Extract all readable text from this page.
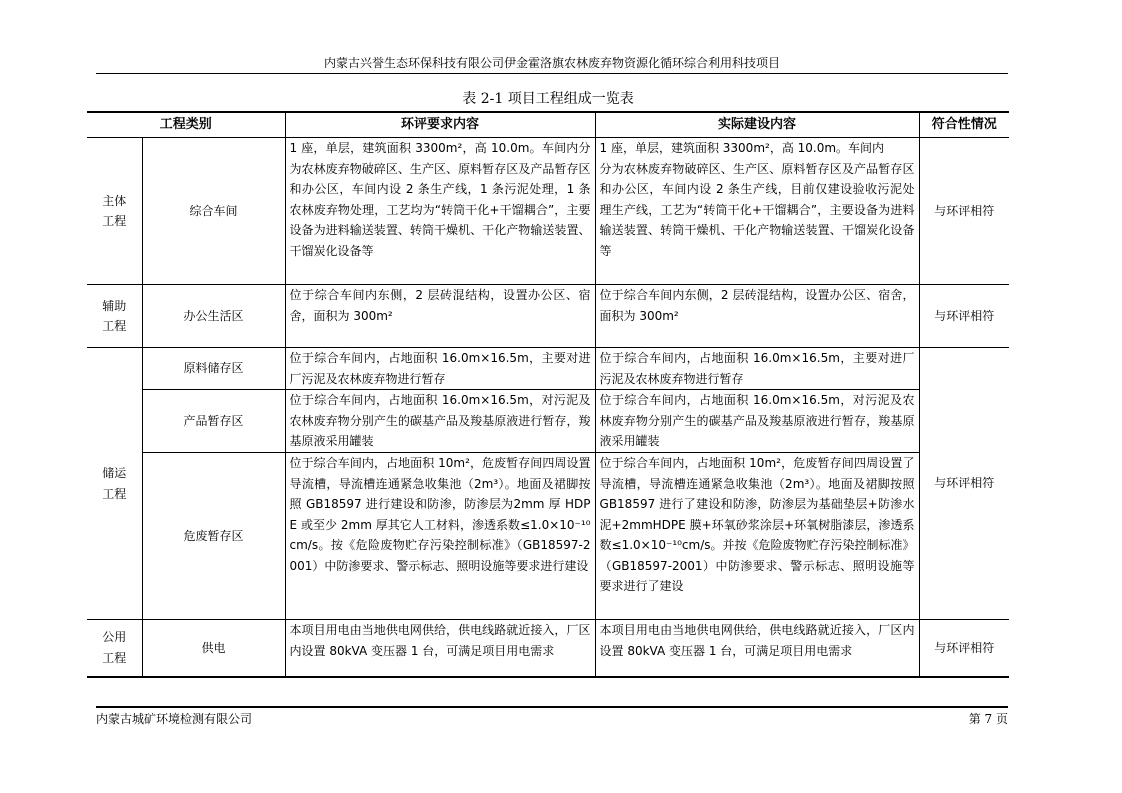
内蒙古兴誉生态环保科技有限公司伊金霍洛旗农林废弃物资源化循环综合利用科技项目
表 2-1 项目工程组成一览表
工程类别		环评要求内容	实际建设内容	符合性情况
主体
工程	综合车间	1 座，单层，建筑面积 3300m²，高 10.0m。车间内分为农林废弃物破碎区、生产区、原料暂存区及产品暂存区和办公区，车间内设 2 条生产线，1 条污泥处理，1 条农林废弃物处理，工艺均为“转筒干化+干馏耦合”，主要设备为进料输送装置、转筒干燥机、干化产物输送装置、干馏炭化设备等	1 座，单层，建筑面积 3300m²，高 10.0m。车间内
分为农林废弃物破碎区、生产区、原料暂存区及产品暂存区和办公区，车间内设 2 条生产线，目前仅建设验收污泥处理生产线，工艺为“转筒干化+干馏耦合”，主要设备为进料输送装置、转筒干燥机、干化产物输送装置、干馏炭化设备等	与环评相符
辅助
工程	办公生活区	位于综合车间内东侧，2 层砖混结构，设置办公区、宿舍，面积为 300m²	位于综合车间内东侧，2 层砖混结构，设置办公区、宿舍，面积为 300m²	与环评相符
储运
工程	原料储存区	位于综合车间内，占地面积 16.0m×16.5m，主要对进厂污泥及农林废弃物进行暂存	位于综合车间内，占地面积 16.0m×16.5m，主要对进厂污泥及农林废弃物进行暂存	与环评相符
	产品暂存区	位于综合车间内，占地面积 16.0m×16.5m，对污泥及农林废弃物分别产生的碳基产品及羧基原液进行暂存，羧基原液采用罐装	位于综合车间内，占地面积 16.0m×16.5m，对污泥及农林废弃物分别产生的碳基产品及羧基原液进行暂存，羧基原液采用罐装	
	危废暂存区	位于综合车间内，占地面积 10m²，危废暂存间四周设置导流槽，导流槽连通紧急收集池（2m³）。地面及裙脚按照 GB18597 进行建设和防渗，防渗层为2mm 厚 HDPE 或至少 2mm 厚其它人工材料，渗透系数≤1.0×10⁻¹⁰cm/s。按《危险废物贮存污染控制标准》（GB18597-2001）中防渗要求、警示标志、照明设施等要求进行建设	位于综合车间内，占地面积 10m²，危废暂存间四周设置了导流槽，导流槽连通紧急收集池（2m³）。地面及裙脚按照 GB18597 进行了建设和防渗，防渗层为基础垫层+防渗水泥+2mmHDPE 膜+环氧砂浆涂层+环氧树脂漆层，渗透系数≤1.0×10⁻¹⁰cm/s。并按《危险废物贮存污染控制标准》（GB18597-2001）中防渗要求、警示标志、照明设施等要求进行了建设	
公用
工程	供电	本项目用电由当地供电网供给，供电线路就近接入，厂区内设置 80kVA 变压器 1 台，可满足项目用电需求	本项目用电由当地供电网供给，供电线路就近接入，厂区内设置 80kVA 变压器 1 台，可满足项目用电需求	与环评相符
内蒙古城矿环境检测有限公司	第 7 页
